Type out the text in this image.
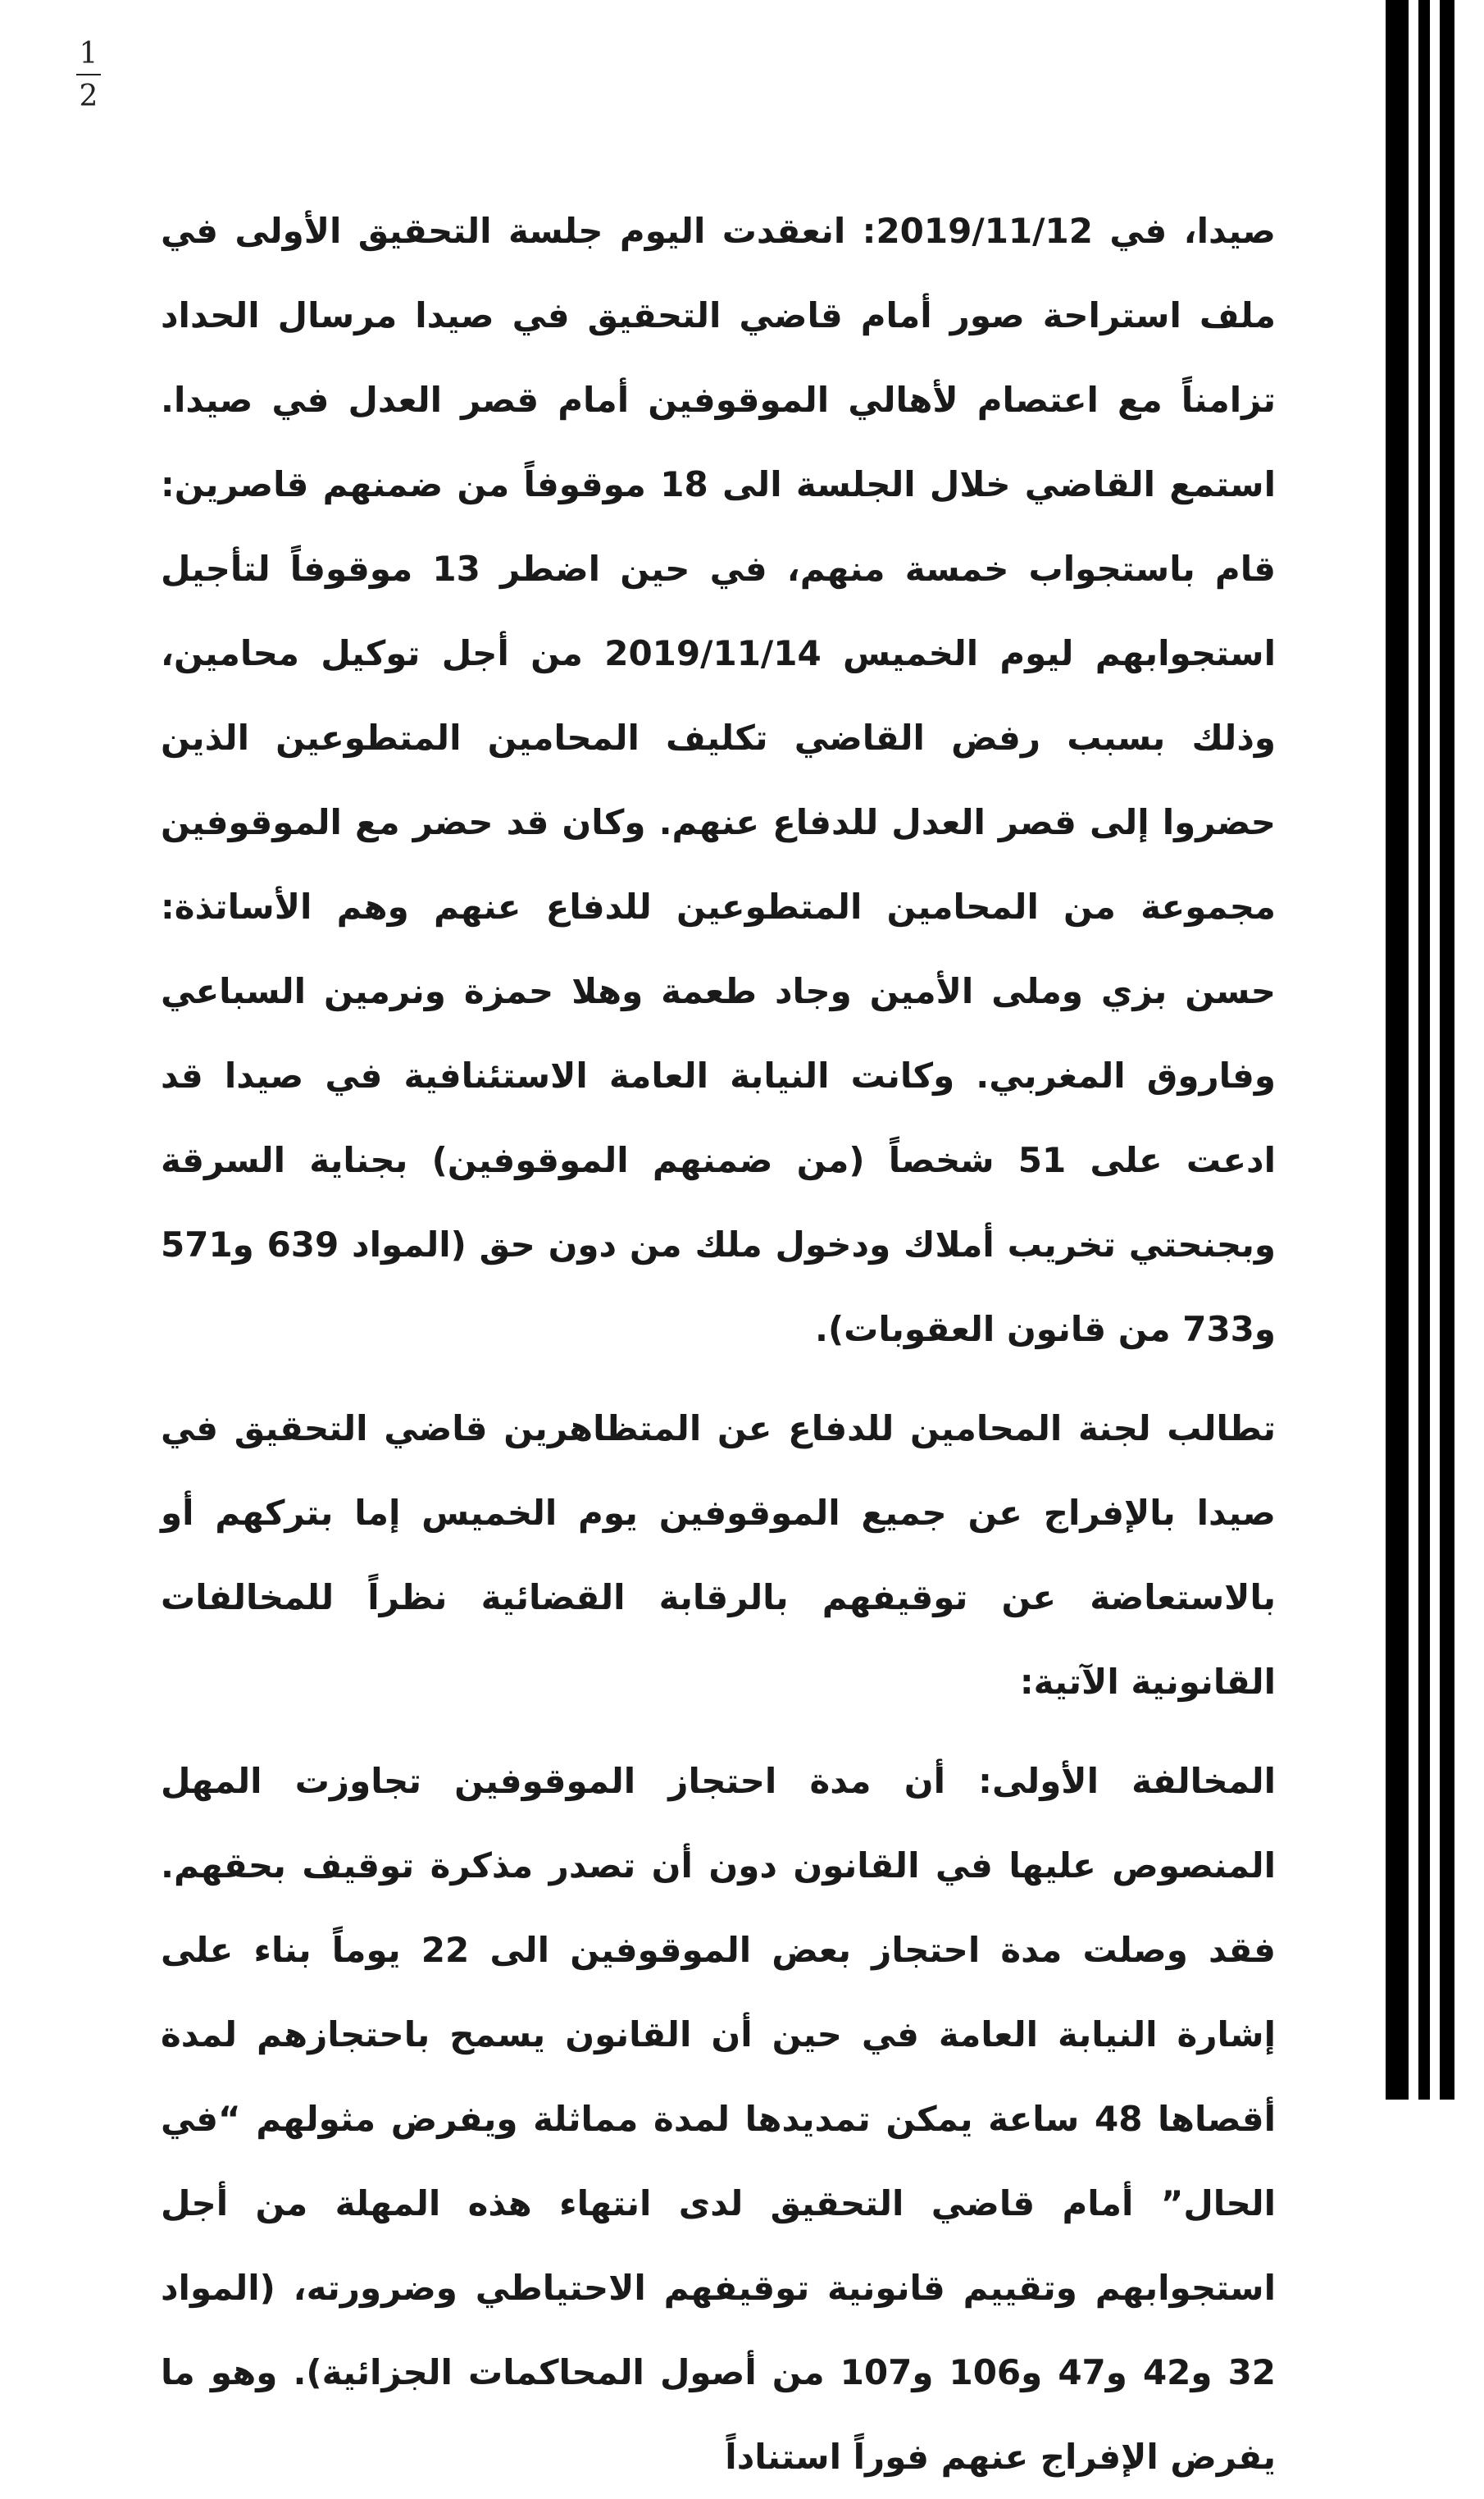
1
2

صيدا، في 2019/11/12: انعقدت اليوم جلسة التحقيق الأولى في ملف استراحة صور أمام قاضي التحقيق في صيدا مرسال الحداد تزامناً مع اعتصام لأهالي الموقوفين أمام قصر العدل في صيدا. استمع القاضي خلال الجلسة الى 18 موقوفاً من ضمنهم قاصرين: قام باستجواب خمسة منهم، في حين اضطر 13 موقوفاً لتأجيل استجوابهم ليوم الخميس 2019/11/14 من أجل توكيل محامين، وذلك بسبب رفض القاضي تكليف المحامين المتطوعين الذين حضروا إلى قصر العدل للدفاع عنهم. وكان قد حضر مع الموقوفين مجموعة من المحامين المتطوعين للدفاع عنهم وهم الأساتذة: حسن بزي وملى الأمين وجاد طعمة وهلا حمزة ونرمين السباعي وفاروق المغربي. وكانت النيابة العامة الاستئنافية في صيدا قد ادعت على 51 شخصاً (من ضمنهم الموقوفين) بجناية السرقة وبجنحتي تخريب أملاك ودخول ملك من دون حق (المواد 639 و571 و733 من قانون العقوبات).

تطالب لجنة المحامين للدفاع عن المتظاهرين قاضي التحقيق في صيدا بالإفراج عن جميع الموقوفين يوم الخميس إما بتركهم أو بالاستعاضة عن توقيفهم بالرقابة القضائية نظراً للمخالفات القانونية الآتية:

المخالفة الأولى: أن مدة احتجاز الموقوفين تجاوزت المهل المنصوص عليها في القانون دون أن تصدر مذكرة توقيف بحقهم. فقد وصلت مدة احتجاز بعض الموقوفين الى 22 يوماً بناء على إشارة النيابة العامة في حين أن القانون يسمح باحتجازهم لمدة أقصاها 48 ساعة يمكن تمديدها لمدة مماثلة ويفرض مثولهم “في الحال” أمام قاضي التحقيق لدى انتهاء هذه المهلة من أجل استجوابهم وتقييم قانونية توقيفهم الاحتياطي وضرورته، (المواد 32 و42 و47 و106 و107 من أصول المحاكمات الجزائية). وهو ما يفرض الإفراج عنهم فوراً استناداً
